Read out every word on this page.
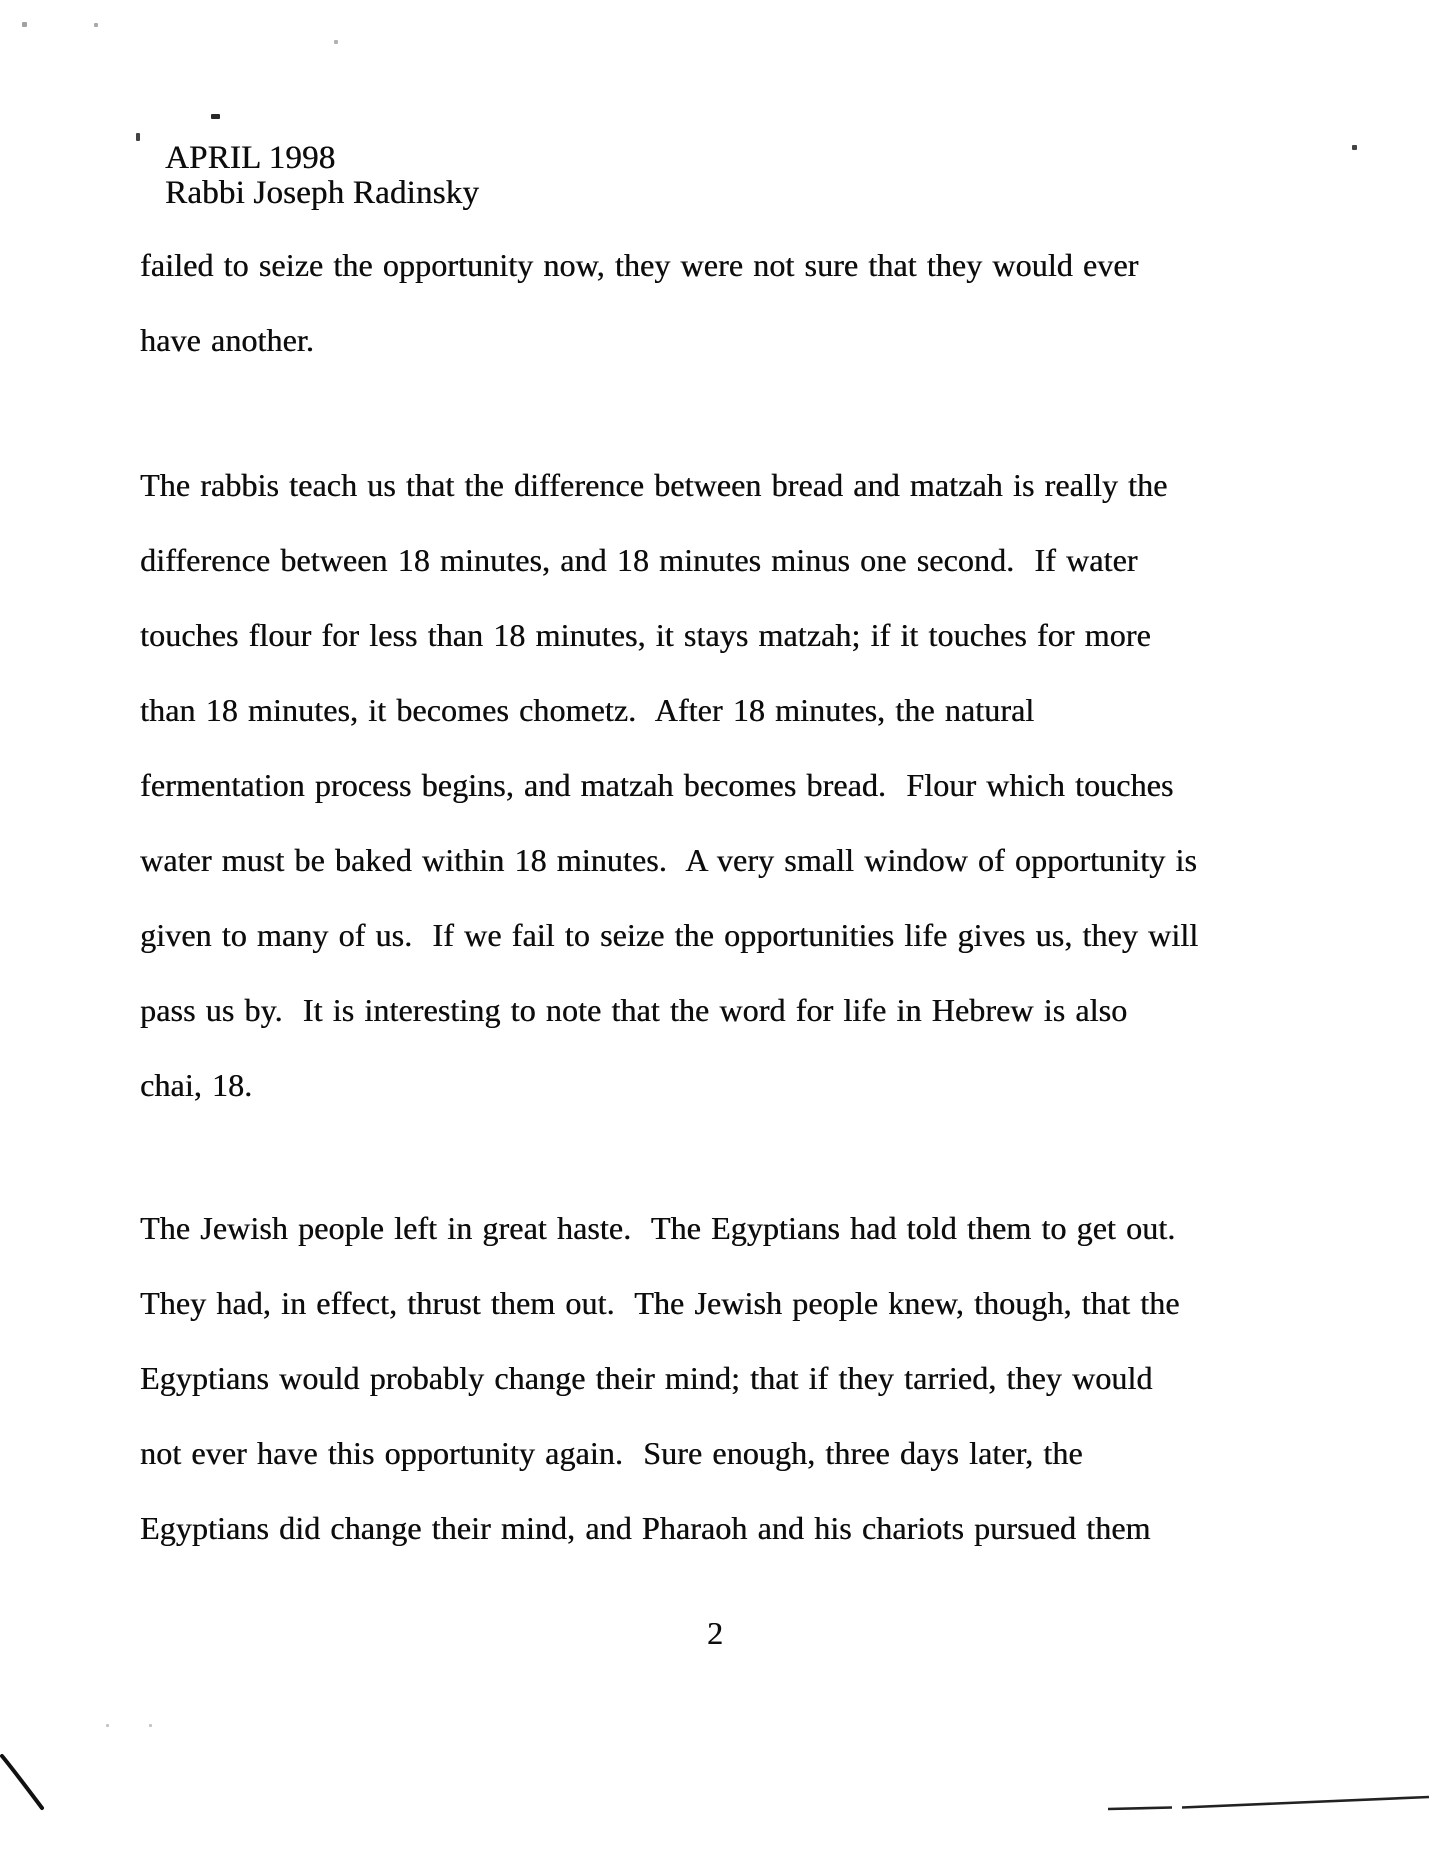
APRIL 1998
Rabbi Joseph Radinsky
failed to seize the opportunity now, they were not sure that they would ever
have another.
The rabbis teach us that the difference between bread and matzah is really the
difference between 18 minutes, and 18 minutes minus one second.  If water
touches flour for less than 18 minutes, it stays matzah; if it touches for more
than 18 minutes, it becomes chometz.  After 18 minutes, the natural
fermentation process begins, and matzah becomes bread.  Flour which touches
water must be baked within 18 minutes.  A very small window of opportunity is
given to many of us.  If we fail to seize the opportunities life gives us, they will
pass us by.  It is interesting to note that the word for life in Hebrew is also
chai, 18.
The Jewish people left in great haste.  The Egyptians had told them to get out.
They had, in effect, thrust them out.  The Jewish people knew, though, that the
Egyptians would probably change their mind; that if they tarried, they would
not ever have this opportunity again.  Sure enough, three days later, the
Egyptians did change their mind, and Pharaoh and his chariots pursued them
2
